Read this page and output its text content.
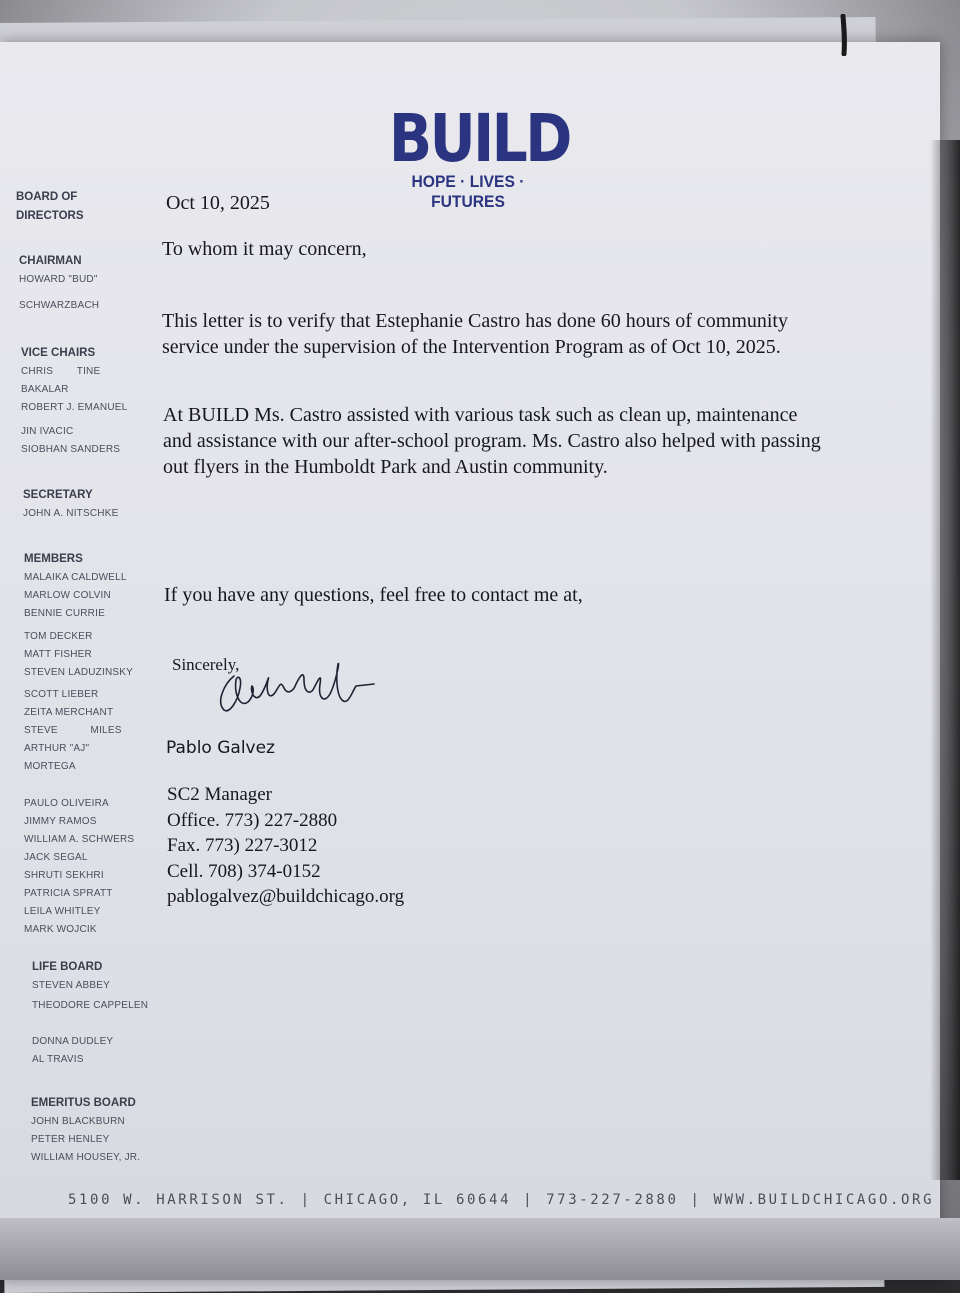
BUILD
HOPE · LIVES · FUTURES
BOARD OF
DIRECTORS
CHAIRMAN
HOWARD "BUD"
SCHWARZBACH
VICE CHAIRS
CHRIS        TINE
BAKALAR
ROBERT J. EMANUEL
JIN IVACIC
SIOBHAN SANDERS
SECRETARY
JOHN A. NITSCHKE
MEMBERS
MALAIKA CALDWELL
MARLOW COLVIN
BENNIE CURRIE
TOM DECKER
MATT FISHER
STEVEN LADUZINSKY
SCOTT LIEBER
ZEITA MERCHANT
STEVE           MILES
ARTHUR "AJ"
MORTEGA
PAULO OLIVEIRA
JIMMY RAMOS
WILLIAM A. SCHWERS
JACK SEGAL
SHRUTI SEKHRI
PATRICIA SPRATT
LEILA WHITLEY
MARK WOJCIK
LIFE BOARD
STEVEN ABBEY
THEODORE CAPPELEN
DONNA DUDLEY
AL TRAVIS
EMERITUS BOARD
JOHN BLACKBURN
PETER HENLEY
WILLIAM HOUSEY, JR.
Oct 10, 2025
To whom it may concern,
This letter is to verify that Estephanie Castro has done 60 hours of community
service under the supervision of the Intervention Program as of Oct 10, 2025.
At BUILD Ms. Castro assisted with various task such as clean up, maintenance
and assistance with our after-school program. Ms. Castro also helped with passing
out flyers in the Humboldt Park and Austin community.
If you have any questions, feel free to contact me at,
Sincerely,
Pablo Galvez
SC2 Manager
Office. 773) 227-2880
Fax. 773) 227-3012
Cell. 708) 374-0152
pablogalvez@buildchicago.org
5100 W. HARRISON ST. | CHICAGO, IL 60644 | 773-227-2880 | WWW.BUILDCHICAGO.ORG
